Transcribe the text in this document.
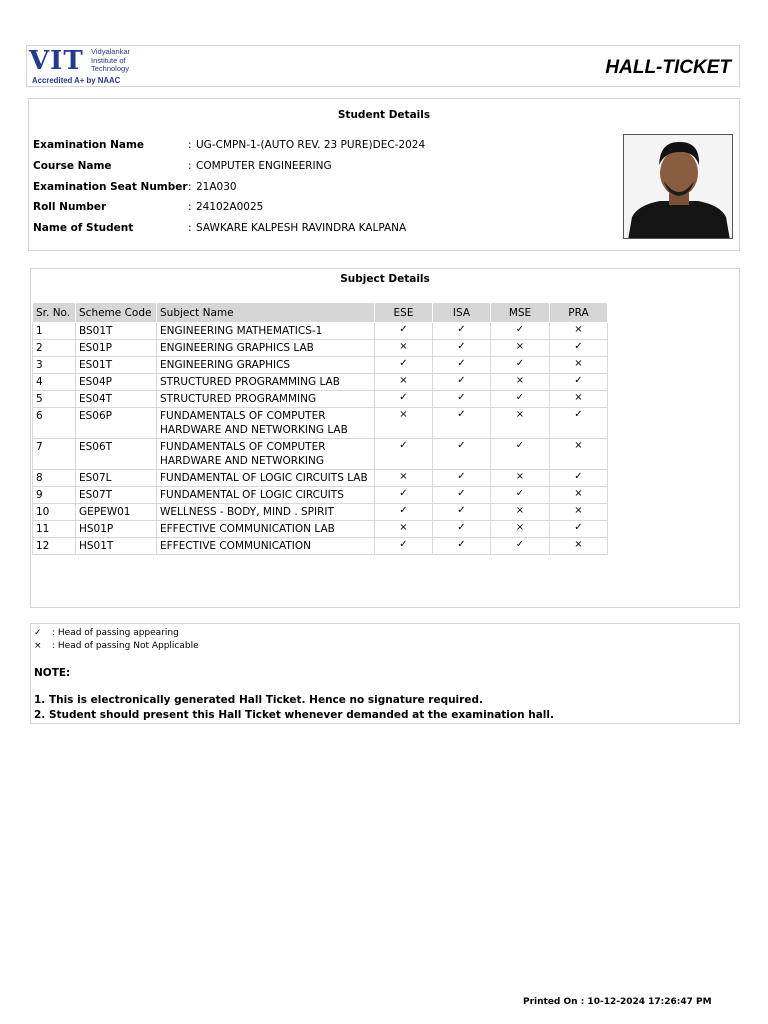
VIT Vidyalankar
Institute of
Technology
Accredited A+ by NAAC
HALL-TICKET
Student Details
Examination Name	: UG-CMPN-1-(AUTO REV. 23 PURE)DEC-2024
Course Name	: COMPUTER ENGINEERING
Examination Seat Number : 21A030
Roll Number	: 24102A0025
Name of Student	: SAWKARE KALPESH RAVINDRA KALPANA
Subject Details
Sr. No.	Scheme Code	Subject Name	ESE	ISA	MSE	PRA
1	BS01T	ENGINEERING MATHEMATICS-1	✓	✓	✓	×
2	ES01P	ENGINEERING GRAPHICS LAB	×	✓	×	✓
3	ES01T	ENGINEERING GRAPHICS	✓	✓	✓	×
4	ES04P	STRUCTURED PROGRAMMING LAB	×	✓	×	✓
5	ES04T	STRUCTURED PROGRAMMING	✓	✓	✓	×
6	ES06P	FUNDAMENTALS OF COMPUTER HARDWARE AND NETWORKING LAB	×	✓	×	✓
7	ES06T	FUNDAMENTALS OF COMPUTER HARDWARE AND NETWORKING	✓	✓	✓	×
8	ES07L	FUNDAMENTAL OF LOGIC CIRCUITS LAB	×	✓	×	✓
9	ES07T	FUNDAMENTAL OF LOGIC CIRCUITS	✓	✓	✓	×
10	GEPEW01	WELLNESS - BODY, MIND . SPIRIT	✓	✓	×	×
11	HS01P	EFFECTIVE COMMUNICATION LAB	×	✓	×	✓
12	HS01T	EFFECTIVE COMMUNICATION	✓	✓	✓	×
✓ : Head of passing appearing
× : Head of passing Not Applicable
NOTE:
1. This is electronically generated Hall Ticket. Hence no signature required.
2. Student should present this Hall Ticket whenever demanded at the examination hall.
Printed On : 10-12-2024 17:26:47 PM
